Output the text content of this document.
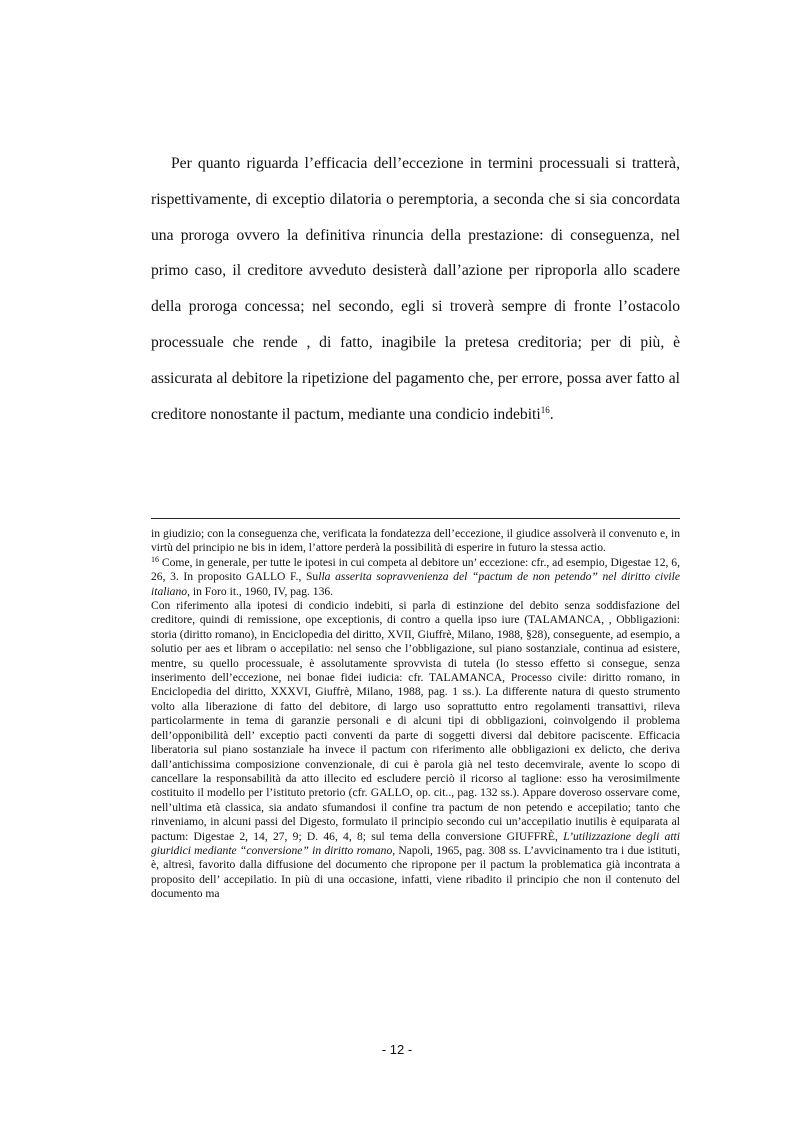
Per quanto riguarda l’efficacia dell’eccezione in termini processuali si tratterà, rispettivamente, di exceptio dilatoria o peremptoria, a seconda che si sia concordata una proroga ovvero la definitiva rinuncia della prestazione: di conseguenza, nel primo caso, il creditore avveduto desisterà dall’azione per riproporla allo scadere della proroga concessa; nel secondo, egli si troverà sempre di fronte l’ostacolo processuale che rende , di fatto, inagibile la pretesa creditoria; per di più, è assicurata al debitore la ripetizione del pagamento che, per errore, possa aver fatto al creditore nonostante il pactum, mediante una condicio indebiti$^{16}$.

in giudizio; con la conseguenza che, verificata la fondatezza dell’eccezione, il giudice assolverà il convenuto e, in virtù del principio ne bis in idem, l’attore perderà la possibilità di esperire in futuro la stessa actio.

$^{16}$ Come, in generale, per tutte le ipotesi in cui competa al debitore un’ eccezione: cfr., ad esempio, Digestae 12, 6, 26, 3. In proposito GALLO F., Sulla asserita sopravvenienza del “pactum de non petendo” nel diritto civile italiano, in Foro it., 1960, IV, pag. 136.

Con riferimento alla ipotesi di condicio indebiti, si parla di estinzione del debito senza soddisfazione del creditore, quindi di remissione, ope exceptionis, di contro a quella ipso iure (TALAMANCA, , Obbligazioni: storia (diritto romano), in Enciclopedia del diritto, XVII, Giuffrè, Milano, 1988, §28), conseguente, ad esempio, a solutio per aes et libram o accepilatio: nel senso che l’obbligazione, sul piano sostanziale, continua ad esistere, mentre, su quello processuale, è assolutamente sprovvista di tutela (lo stesso effetto si consegue, senza inserimento dell’eccezione, nei bonae fidei iudicia: cfr. TALAMANCA, Processo civile: diritto romano, in Enciclopedia del diritto, XXXVI, Giuffrè, Milano, 1988, pag. 1 ss.). La differente natura di questo strumento volto alla liberazione di fatto del debitore, di largo uso soprattutto entro regolamenti transattivi, rileva particolarmente in tema di garanzie personali e di alcuni tipi di obbligazioni, coinvolgendo il problema dell’opponibilità dell’ exceptio pacti conventi da parte di soggetti diversi dal debitore paciscente. Efficacia liberatoria sul piano sostanziale ha invece il pactum con riferimento alle obbligazioni ex delicto, che deriva dall’antichissima composizione convenzionale, di cui è parola già nel testo decemvirale, avente lo scopo di cancellare la responsabilità da atto illecito ed escludere perciò il ricorso al taglione: esso ha verosimilmente costituito il modello per l’istituto pretorio (cfr. GALLO, op. cit.., pag. 132 ss.). Appare doveroso osservare come, nell’ultima età classica, sia andato sfumandosi il confine tra pactum de non petendo e accepilatio; tanto che rinveniamo, in alcuni passi del Digesto, formulato il principio secondo cui un’accepilatio inutilis è equiparata al pactum: Digestae 2, 14, 27, 9; D. 46, 4, 8; sul tema della conversione GIUFFRÈ, L’utilizzazione degli atti giuridici mediante “conversione” in diritto romano, Napoli, 1965, pag. 308 ss. L’avvicinamento tra i due istituti, è, altresì, favorito dalla diffusione del documento che ripropone per il pactum la problematica già incontrata a proposito dell’ accepilatio. In più di una occasione, infatti, viene ribadito il principio che non il contenuto del documento ma

- 12 -
